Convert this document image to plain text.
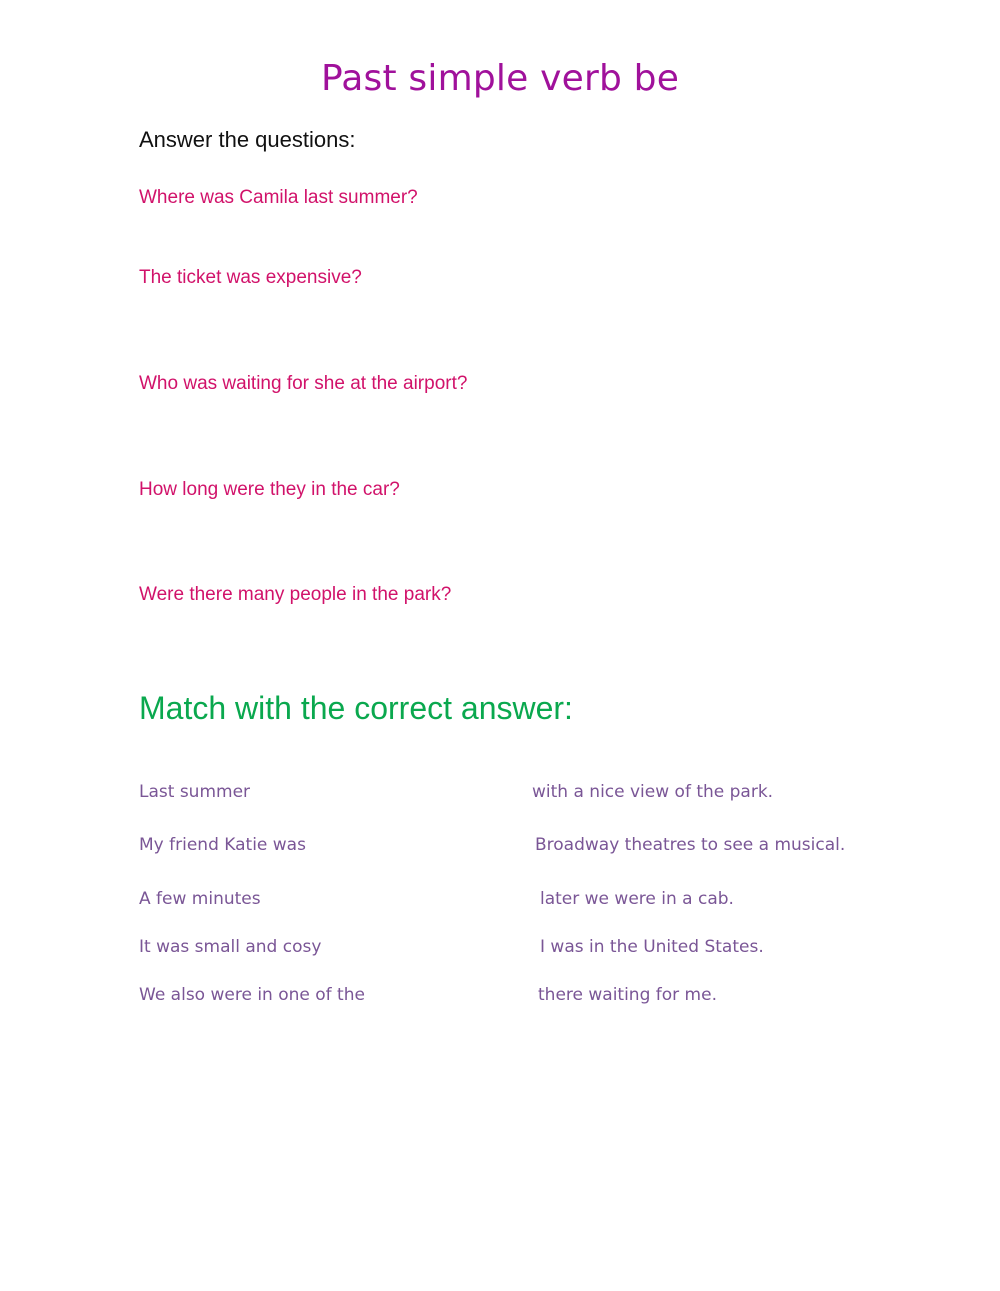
Past simple verb be
Answer the questions:
Where was Camila last summer?
The ticket was expensive?
Who was waiting for she at the airport?
How long were they in the car?
Were there many people in the park?
Match with the correct answer:
Last summer
My friend Katie was
A few minutes
It was small and cosy
We also were in one of the
with a nice view of the park.
Broadway theatres to see a musical.
later we were in a cab.
I was in the United States.
there waiting for me.
